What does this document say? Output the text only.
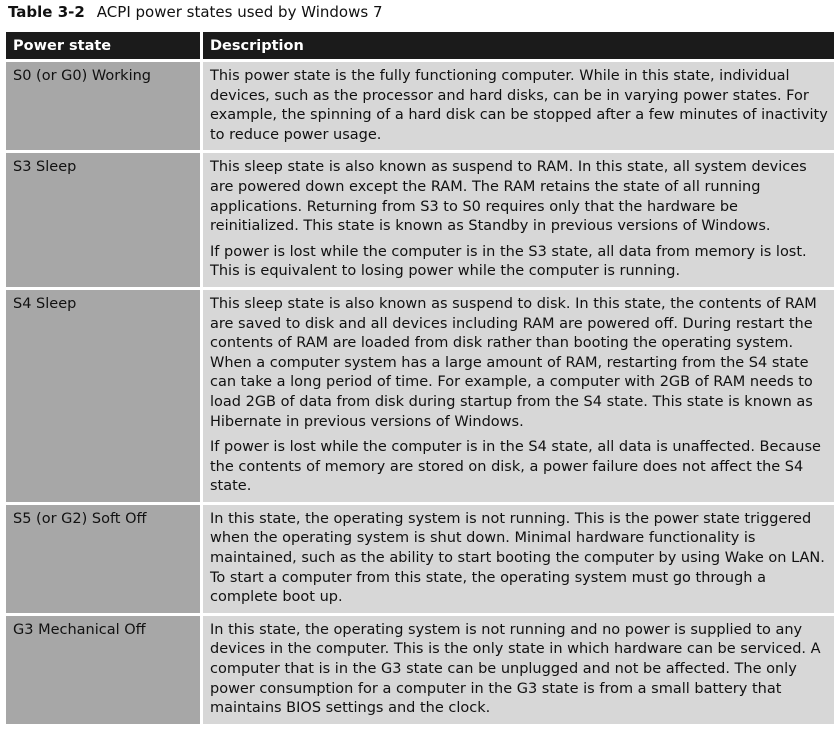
Table 3-2 ACPI power states used by Windows 7
Power state	Description
S0 (or G0) Working	This power state is the fully functioning computer. While in this state, individual devices, such as the processor and hard disks, can be in varying power states. For example, the spinning of a hard disk can be stopped after a few minutes of inactivity to reduce power usage.

S3 Sleep	This sleep state is also known as suspend to RAM. In this state, all system devices are powered down except the RAM. The RAM retains the state of all running applications. Returning from S3 to S0 requires only that the hardware be reinitialized. This state is known as Standby in previous versions of Windows.

If power is lost while the computer is in the S3 state, all data from memory is lost. This is equivalent to losing power while the computer is running.

S4 Sleep	This sleep state is also known as suspend to disk. In this state, the contents of RAM are saved to disk and all devices including RAM are powered off. During restart the contents of RAM are loaded from disk rather than booting the operating system. When a computer system has a large amount of RAM, restarting from the S4 state can take a long period of time. For example, a computer with 2GB of RAM needs to load 2GB of data from disk during startup from the S4 state. This state is known as Hibernate in previous versions of Windows.

If power is lost while the computer is in the S4 state, all data is unaffected. Because the contents of memory are stored on disk, a power failure does not affect the S4 state.

S5 (or G2) Soft Off	In this state, the operating system is not running. This is the power state triggered when the operating system is shut down. Minimal hardware functionality is maintained, such as the ability to start booting the computer by using Wake on LAN. To start a computer from this state, the operating system must go through a complete boot up.

G3 Mechanical Off	In this state, the operating system is not running and no power is supplied to any devices in the computer. This is the only state in which hardware can be serviced. A computer that is in the G3 state can be unplugged and not be affected. The only power consumption for a computer in the G3 state is from a small battery that maintains BIOS settings and the clock.
